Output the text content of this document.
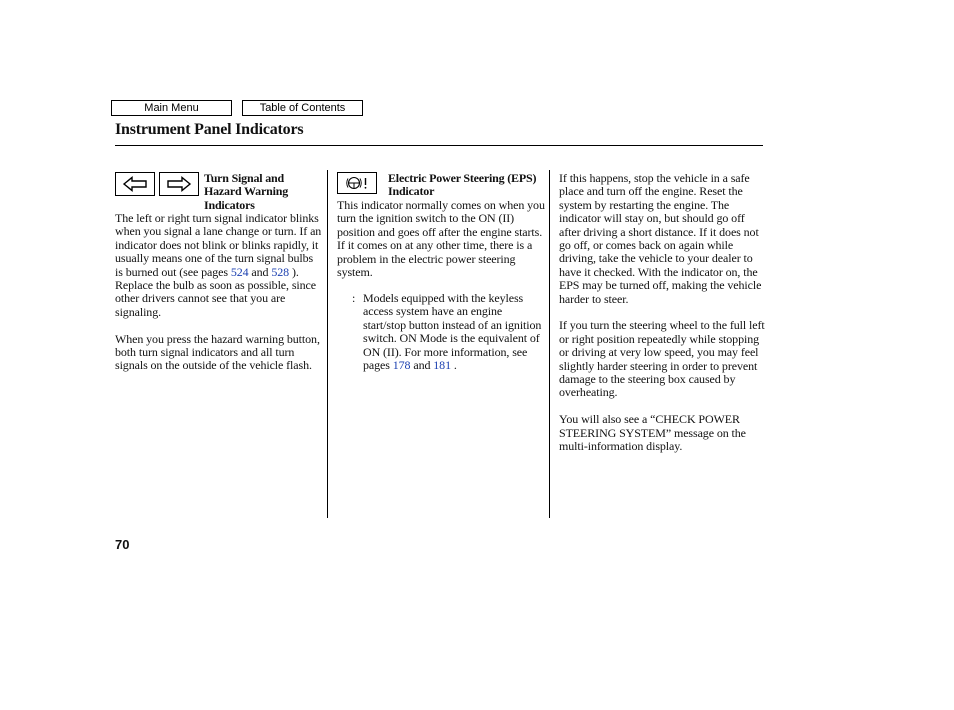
Main Menu	Table of Contents
Instrument Panel Indicators
Turn Signal and Hazard Warning Indicators

The left or right turn signal indicator blinks when you signal a lane change or turn. If an indicator does not blink or blinks rapidly, it usually means one of the turn signal bulbs is burned out (see pages 524 and 528 ). Replace the bulb as soon as possible, since other drivers cannot see that you are signaling.

When you press the hazard warning button, both turn signal indicators and all turn signals on the outside of the vehicle flash.

Electric Power Steering (EPS) Indicator

This indicator normally comes on when you turn the ignition switch to the ON (II) position and goes off after the engine starts. If it comes on at any other time, there is a problem in the electric power steering system.

: Models equipped with the keyless access system have an engine start/stop button instead of an ignition switch. ON Mode is the equivalent of ON (II). For more information, see pages 178 and 181 .

If this happens, stop the vehicle in a safe place and turn off the engine. Reset the system by restarting the engine. The indicator will stay on, but should go off after driving a short distance. If it does not go off, or comes back on again while driving, take the vehicle to your dealer to have it checked. With the indicator on, the EPS may be turned off, making the vehicle harder to steer.

If you turn the steering wheel to the full left or right position repeatedly while stopping or driving at very low speed, you may feel slightly harder steering in order to prevent damage to the steering box caused by overheating.

You will also see a “CHECK POWER STEERING SYSTEM” message on the multi-information display.

70
